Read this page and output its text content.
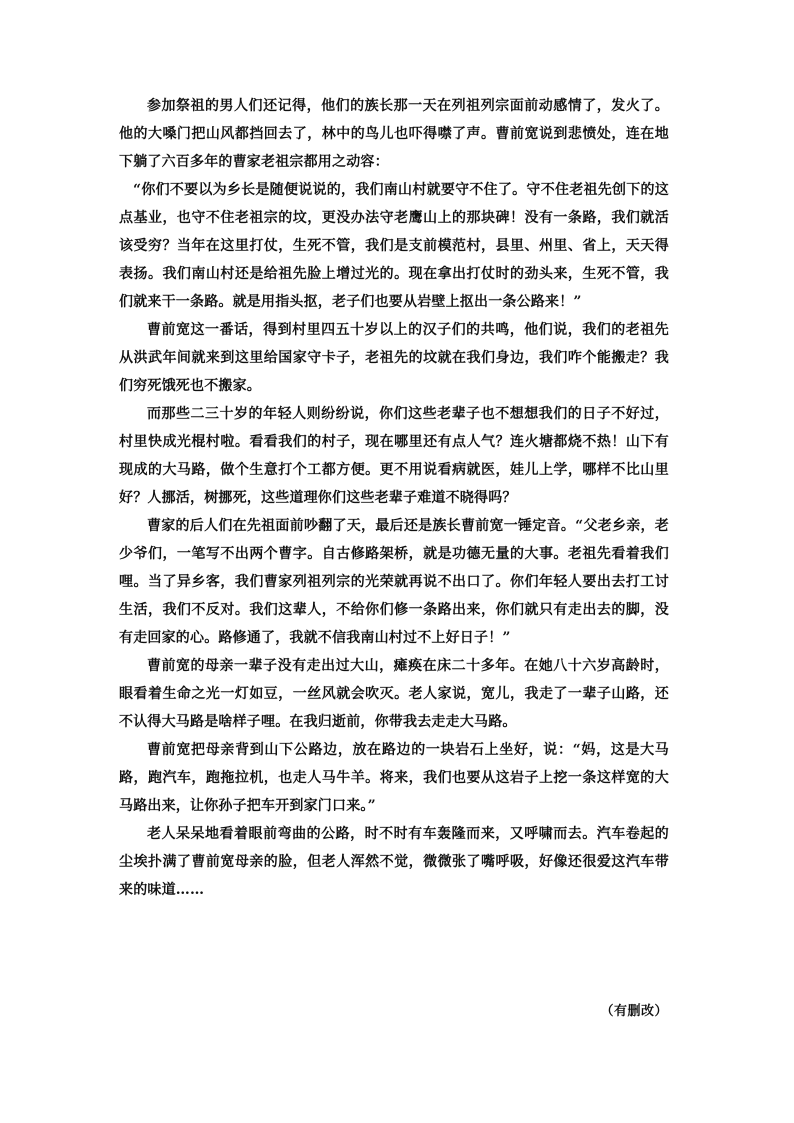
参加祭祖的男人们还记得，他们的族长那一天在列祖列宗面前动感情了，发火了。他的大嗓门把山风都挡回去了，林中的鸟儿也吓得噤了声。曹前宽说到悲愤处，连在地下躺了六百多年的曹家老祖宗都用之动容：

“你们不要以为乡长是随便说说的，我们南山村就要守不住了。守不住老祖先创下的这点基业，也守不住老祖宗的坟，更没办法守老鹰山上的那块碑！没有一条路，我们就活该受穷？当年在这里打仗，生死不管，我们是支前模范村，县里、州里、省上，天天得表扬。我们南山村还是给祖先脸上增过光的。现在拿出打仗时的劲头来，生死不管，我们就来干一条路。就是用指头抠，老子们也要从岩壁上抠出一条公路来！”

曹前宽这一番话，得到村里四五十岁以上的汉子们的共鸣，他们说，我们的老祖先从洪武年间就来到这里给国家守卡子，老祖先的坟就在我们身边，我们咋个能搬走？我们穷死饿死也不搬家。

而那些二三十岁的年轻人则纷纷说，你们这些老辈子也不想想我们的日子不好过，村里快成光棍村啦。看看我们的村子，现在哪里还有点人气？连火塘都烧不热！山下有现成的大马路，做个生意打个工都方便。更不用说看病就医，娃儿上学，哪样不比山里好？人挪活，树挪死，这些道理你们这些老辈子难道不晓得吗？

曹家的后人们在先祖面前吵翻了天，最后还是族长曹前宽一锤定音。“父老乡亲，老少爷们，一笔写不出两个曹字。自古修路架桥，就是功德无量的大事。老祖先看着我们哩。当了异乡客，我们曹家列祖列宗的光荣就再说不出口了。你们年轻人要出去打工讨生活，我们不反对。我们这辈人，不给你们修一条路出来，你们就只有走出去的脚，没有走回家的心。路修通了，我就不信我南山村过不上好日子！”

曹前宽的母亲一辈子没有走出过大山，瘫痪在床二十多年。在她八十六岁高龄时，眼看着生命之光一灯如豆，一丝风就会吹灭。老人家说，宽儿，我走了一辈子山路，还不认得大马路是啥样子哩。在我归逝前，你带我去走走大马路。

曹前宽把母亲背到山下公路边，放在路边的一块岩石上坐好，说：“妈，这是大马路，跑汽车，跑拖拉机，也走人马牛羊。将来，我们也要从这岩子上挖一条这样宽的大马路出来，让你孙子把车开到家门口来。”

老人呆呆地看着眼前弯曲的公路，时不时有车轰隆而来，又呼啸而去。汽车卷起的尘埃扑满了曹前宽母亲的脸，但老人浑然不觉，微微张了嘴呼吸，好像还很爱这汽车带来的味道……

（有删改）
